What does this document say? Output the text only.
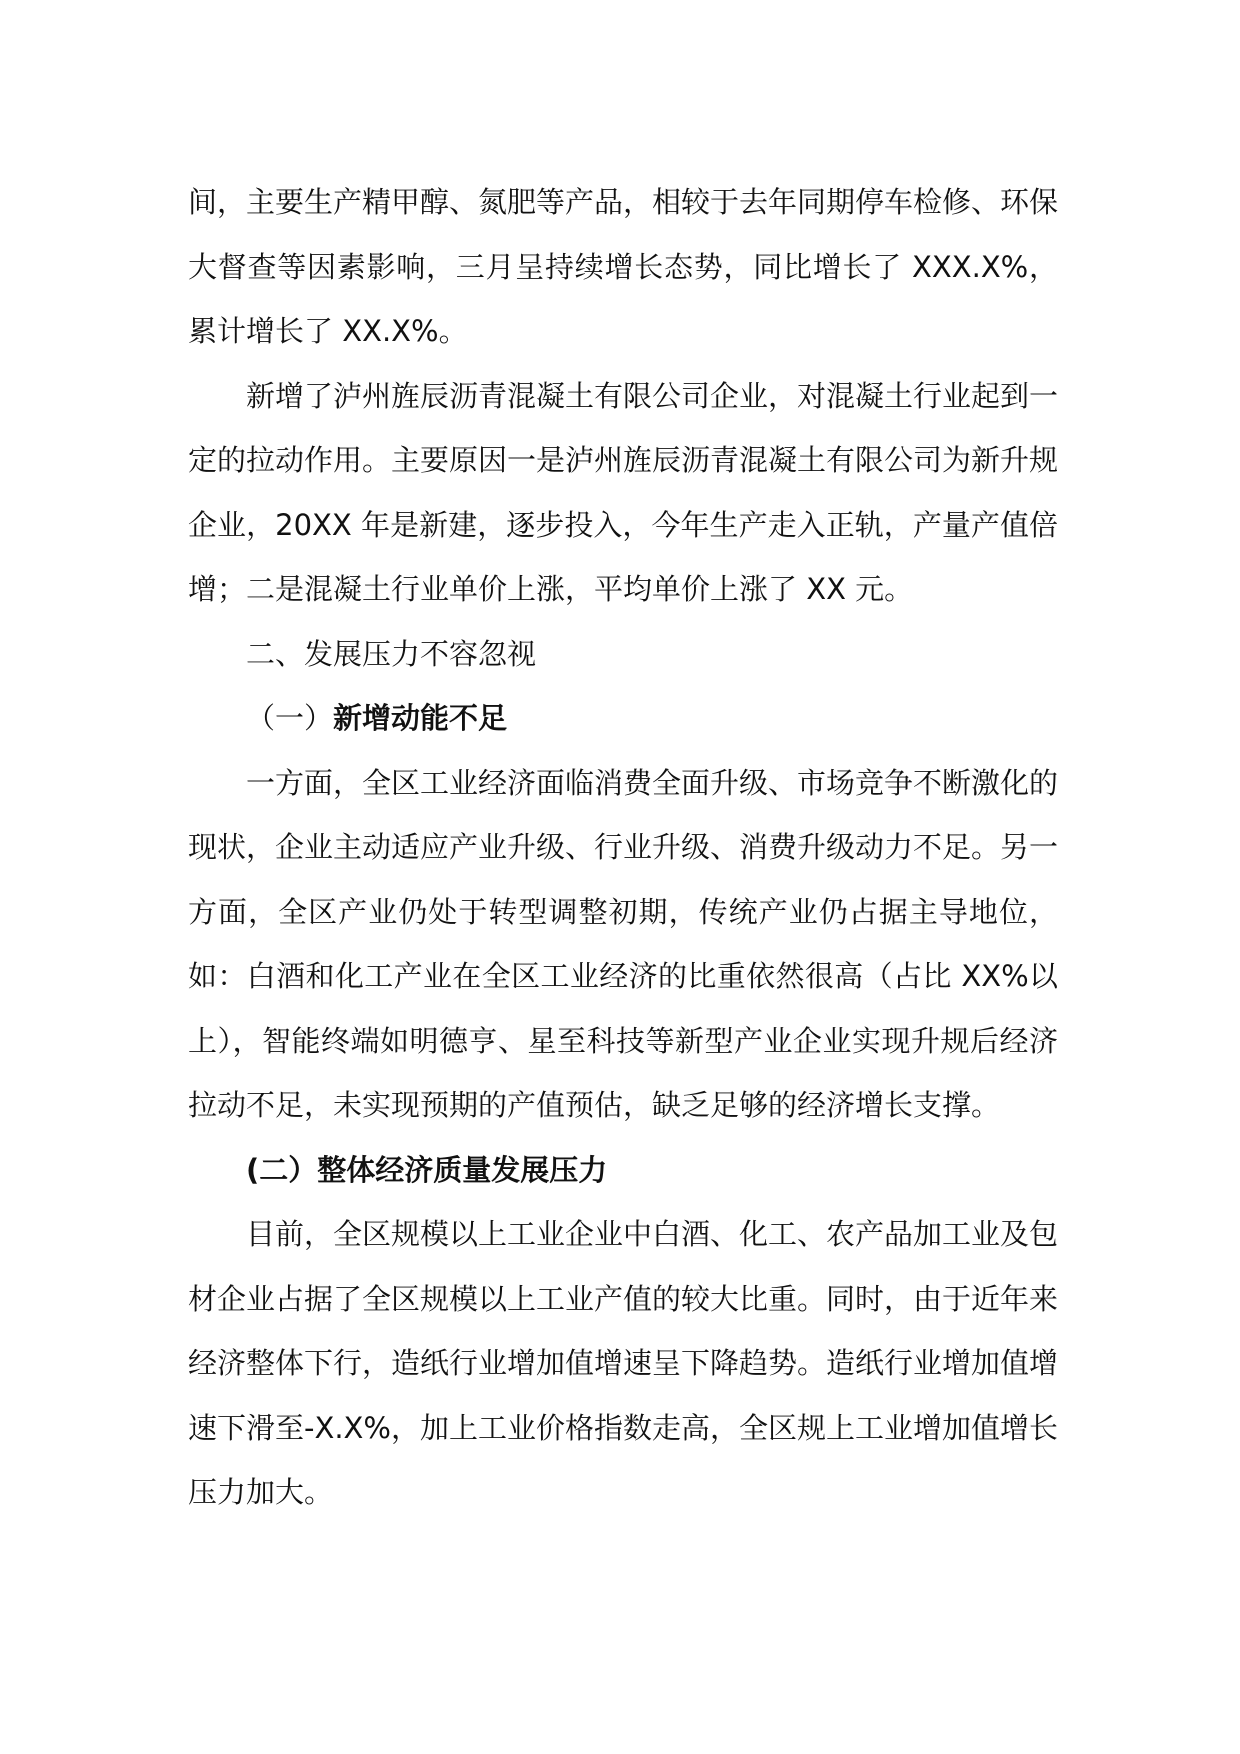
间，主要生产精甲醇、氮肥等产品，相较于去年同期停车检修、环保大督查等因素影响，三月呈持续增长态势，同比增长了 XXX.X%，累计增长了 XX.X%。

新增了泸州旌辰沥青混凝土有限公司企业，对混凝土行业起到一定的拉动作用。主要原因一是泸州旌辰沥青混凝土有限公司为新升规企业，20XX 年是新建，逐步投入，今年生产走入正轨，产量产值倍增；二是混凝土行业单价上涨，平均单价上涨了 XX 元。

二、发展压力不容忽视

（一）新增动能不足

一方面，全区工业经济面临消费全面升级、市场竞争不断激化的现状，企业主动适应产业升级、行业升级、消费升级动力不足。另一方面，全区产业仍处于转型调整初期，传统产业仍占据主导地位，如：白酒和化工产业在全区工业经济的比重依然很高（占比 XX%以上），智能终端如明德亨、星至科技等新型产业企业实现升规后经济拉动不足，未实现预期的产值预估，缺乏足够的经济增长支撑。

(二）整体经济质量发展压力

目前，全区规模以上工业企业中白酒、化工、农产品加工业及包材企业占据了全区规模以上工业产值的较大比重。同时，由于近年来经济整体下行，造纸行业增加值增速呈下降趋势。造纸行业增加值增速下滑至-X.X%，加上工业价格指数走高，全区规上工业增加值增长压力加大。
